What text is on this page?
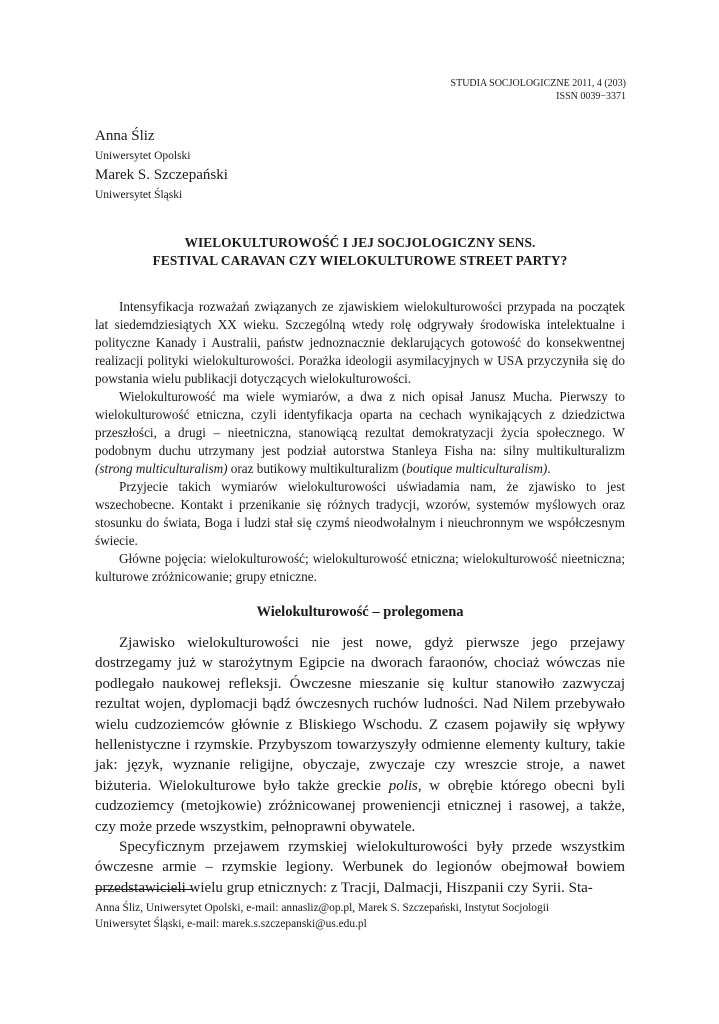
STUDIA SOCJOLOGICZNE 2011, 4 (203)
ISSN 0039−3371

Anna Śliz

Uniwersytet Opolski

Marek S. Szczepański

Uniwersytet Śląski

WIELOKULTUROWOŚĆ I JEJ SOCJOLOGICZNY SENS.
FESTIVAL CARAVAN CZY WIELOKULTUROWE STREET PARTY?

Intensyfikacja rozważań związanych ze zjawiskiem wielokulturowości przypada na początek lat siedemdziesiątych XX wieku. Szczególną wtedy rolę odgrywały środowiska intelektualne i polityczne Kanady i Australii, państw jednoznacznie deklarujących gotowość do konsekwentnej realizacji polityki wielokulturowości. Porażka ideologii asymilacyjnych w USA przyczyniła się do powstania wielu publikacji dotyczących wielokulturowości.

Wielokulturowość ma wiele wymiarów, a dwa z nich opisał Janusz Mucha. Pierwszy to wielokulturowość etniczna, czyli identyfikacja oparta na cechach wynikających z dziedzictwa przeszłości, a drugi – nieetniczna, stanowiącą rezultat demokratyzacji życia społecznego. W podobnym duchu utrzymany jest podział autorstwa Stanleya Fisha na: silny multikulturalizm (strong multiculturalism) oraz butikowy multikulturalizm (boutique multiculturalism).

Przyjecie takich wymiarów wielokulturowości uświadamia nam, że zjawisko to jest wszechobecne. Kontakt i przenikanie się różnych tradycji, wzorów, systemów myślowych oraz stosunku do świata, Boga i ludzi stał się czymś nieodwołalnym i nieuchronnym we współczesnym świecie.

Główne pojęcia: wielokulturowość; wielokulturowość etniczna; wielokulturowość nieetniczna; kulturowe zróżnicowanie; grupy etniczne.

Wielokulturowość – prolegomena

Zjawisko wielokulturowości nie jest nowe, gdyż pierwsze jego przejawy dostrzegamy już w starożytnym Egipcie na dworach faraonów, chociaż wówczas nie podlegało naukowej refleksji. Ówczesne mieszanie się kultur stanowiło zazwyczaj rezultat wojen, dyplomacji bądź ówczesnych ruchów ludności. Nad Nilem przebywało wielu cudzoziemców głównie z Bliskiego Wschodu. Z czasem pojawiły się wpływy hellenistyczne i rzymskie. Przybyszom towarzyszyły odmienne elementy kultury, takie jak: język, wyznanie religijne, obyczaje, zwyczaje czy wreszcie stroje, a nawet biżuteria. Wielokulturowe było także greckie polis, w obrębie którego obecni byli cudzoziemcy (metojkowie) zróżnicowanej proweniencji etnicznej i rasowej, a także, czy może przede wszystkim, pełnoprawni obywatele.

Specyficznym przejawem rzymskiej wielokulturowości były przede wszystkim ówczesne armie – rzymskie legiony. Werbunek do legionów obejmował bowiem przedstawicieli wielu grup etnicznych: z Tracji, Dalmacji, Hiszpanii czy Syrii. Sta-

Anna Śliz, Uniwersytet Opolski, e-mail: annasliz@op.pl, Marek S. Szczepański, Instytut Socjologii

Uniwersytet Śląski, e-mail: marek.s.szczepanski@us.edu.pl
